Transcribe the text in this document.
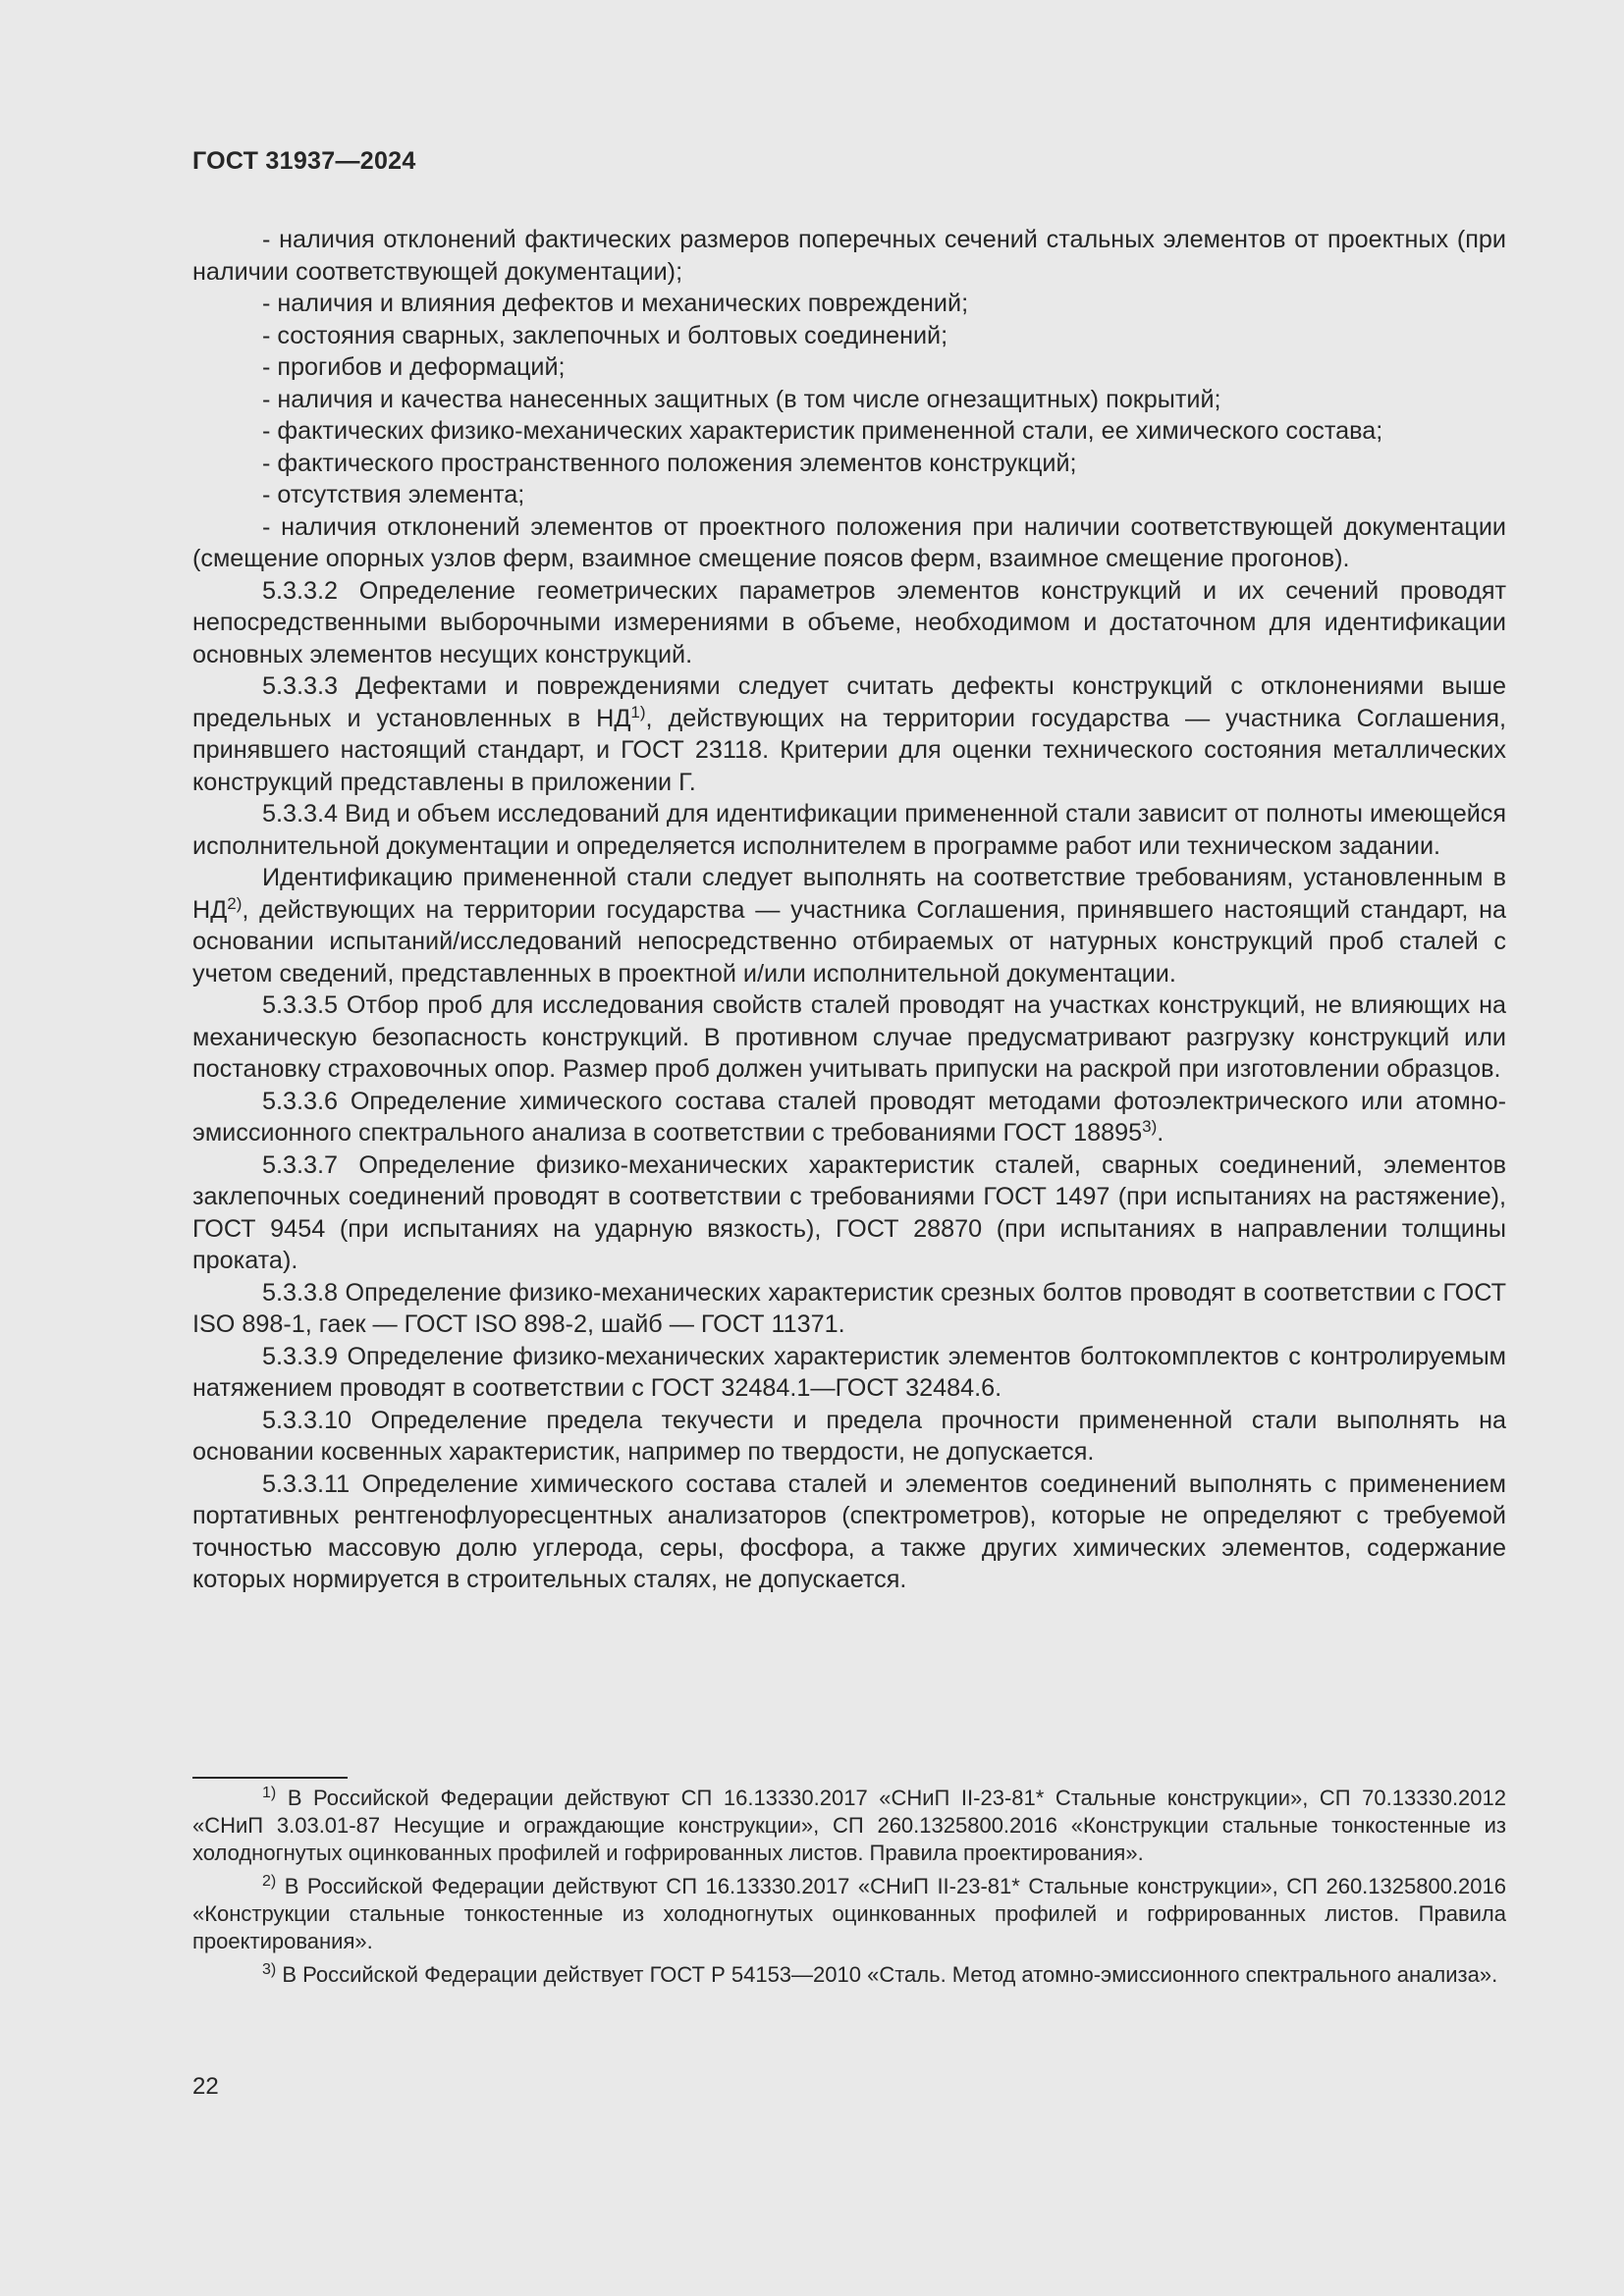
ГОСТ 31937—2024

- наличия отклонений фактических размеров поперечных сечений стальных элементов от проектных (при наличии соответствующей документации);

- наличия и влияния дефектов и механических повреждений;

- состояния сварных, заклепочных и болтовых соединений;

- прогибов и деформаций;

- наличия и качества нанесенных защитных (в том числе огнезащитных) покрытий;

- фактических физико-механических характеристик примененной стали, ее химического состава;

- фактического пространственного положения элементов конструкций;

- отсутствия элемента;

- наличия отклонений элементов от проектного положения при наличии соответствующей документации (смещение опорных узлов ферм, взаимное смещение поясов ферм, взаимное смещение прогонов).

5.3.3.2 Определение геометрических параметров элементов конструкций и их сечений проводят непосредственными выборочными измерениями в объеме, необходимом и достаточном для идентификации основных элементов несущих конструкций.

5.3.3.3 Дефектами и повреждениями следует считать дефекты конструкций с отклонениями выше предельных и установленных в НД$^{1)}$, действующих на территории государства — участника Соглашения, принявшего настоящий стандарт, и ГОСТ 23118. Критерии для оценки технического состояния металлических конструкций представлены в приложении Г.

5.3.3.4 Вид и объем исследований для идентификации примененной стали зависит от полноты имеющейся исполнительной документации и определяется исполнителем в программе работ или техническом задании.

Идентификацию примененной стали следует выполнять на соответствие требованиям, установленным в НД$^{2)}$, действующих на территории государства — участника Соглашения, принявшего настоящий стандарт, на основании испытаний/исследований непосредственно отбираемых от натурных конструкций проб сталей с учетом сведений, представленных в проектной и/или исполнительной документации.

5.3.3.5 Отбор проб для исследования свойств сталей проводят на участках конструкций, не влияющих на механическую безопасность конструкций. В противном случае предусматривают разгрузку конструкций или постановку страховочных опор. Размер проб должен учитывать припуски на раскрой при изготовлении образцов.

5.3.3.6 Определение химического состава сталей проводят методами фотоэлектрического или атомно-эмиссионного спектрального анализа в соответствии с требованиями ГОСТ 18895$^{3)}$.

5.3.3.7 Определение физико-механических характеристик сталей, сварных соединений, элементов заклепочных соединений проводят в соответствии с требованиями ГОСТ 1497 (при испытаниях на растяжение), ГОСТ 9454 (при испытаниях на ударную вязкость), ГОСТ 28870 (при испытаниях в направлении толщины проката).

5.3.3.8 Определение физико-механических характеристик срезных болтов проводят в соответствии с ГОСТ ISO 898-1, гаек — ГОСТ ISO 898-2, шайб — ГОСТ 11371.

5.3.3.9 Определение физико-механических характеристик элементов болтокомплектов с контролируемым натяжением проводят в соответствии с ГОСТ 32484.1—ГОСТ 32484.6.

5.3.3.10 Определение предела текучести и предела прочности примененной стали выполнять на основании косвенных характеристик, например по твердости, не допускается.

5.3.3.11 Определение химического состава сталей и элементов соединений выполнять с применением портативных рентгенофлуоресцентных анализаторов (спектрометров), которые не определяют с требуемой точностью массовую долю углерода, серы, фосфора, а также других химических элементов, содержание которых нормируется в строительных сталях, не допускается.

$^{1)}$ В Российской Федерации действуют СП 16.13330.2017 «СНиП II-23-81* Стальные конструкции», СП 70.13330.2012 «СНиП 3.03.01-87 Несущие и ограждающие конструкции», СП 260.1325800.2016 «Конструкции стальные тонкостенные из холодногнутых оцинкованных профилей и гофрированных листов. Правила проектирования».

$^{2)}$ В Российской Федерации действуют СП 16.13330.2017 «СНиП II-23-81* Стальные конструкции», СП 260.1325800.2016 «Конструкции стальные тонкостенные из холодногнутых оцинкованных профилей и гофрированных листов. Правила проектирования».

$^{3)}$ В Российской Федерации действует ГОСТ Р 54153—2010 «Сталь. Метод атомно-эмиссионного спектрального анализа».

22
